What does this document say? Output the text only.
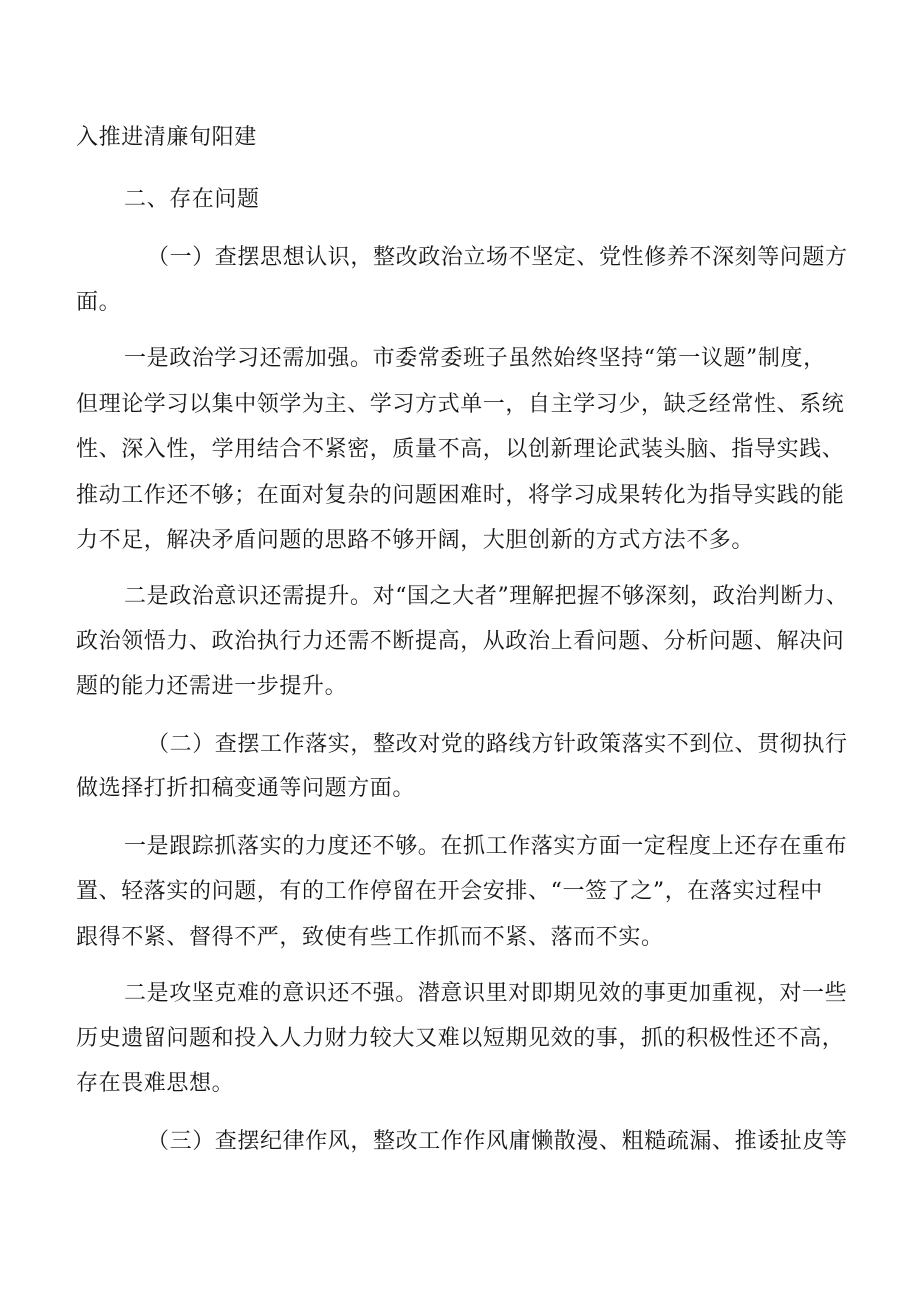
入推进清廉旬阳建
二、存在问题
（一）查摆思想认识，整改政治立场不坚定、党性修养不深刻等问题方
面。
一是政治学习还需加强。市委常委班子虽然始终坚持“第一议题”制度，
但理论学习以集中领学为主、学习方式单一，自主学习少，缺乏经常性、系统
性、深入性，学用结合不紧密，质量不高，以创新理论武装头脑、指导实践、
推动工作还不够；在面对复杂的问题困难时，将学习成果转化为指导实践的能
力不足，解决矛盾问题的思路不够开阔，大胆创新的方式方法不多。
二是政治意识还需提升。对“国之大者”理解把握不够深刻，政治判断力、
政治领悟力、政治执行力还需不断提高，从政治上看问题、分析问题、解决问
题的能力还需进一步提升。
（二）查摆工作落实，整改对党的路线方针政策落实不到位、贯彻执行
做选择打折扣稿变通等问题方面。
一是跟踪抓落实的力度还不够。在抓工作落实方面一定程度上还存在重布
置、轻落实的问题，有的工作停留在开会安排、“一签了之”，在落实过程中
跟得不紧、督得不严，致使有些工作抓而不紧、落而不实。
二是攻坚克难的意识还不强。潜意识里对即期见效的事更加重视，对一些
历史遗留问题和投入人力财力较大又难以短期见效的事，抓的积极性还不高，
存在畏难思想。
（三）查摆纪律作风，整改工作作风庸懒散漫、粗糙疏漏、推诿扯皮等
